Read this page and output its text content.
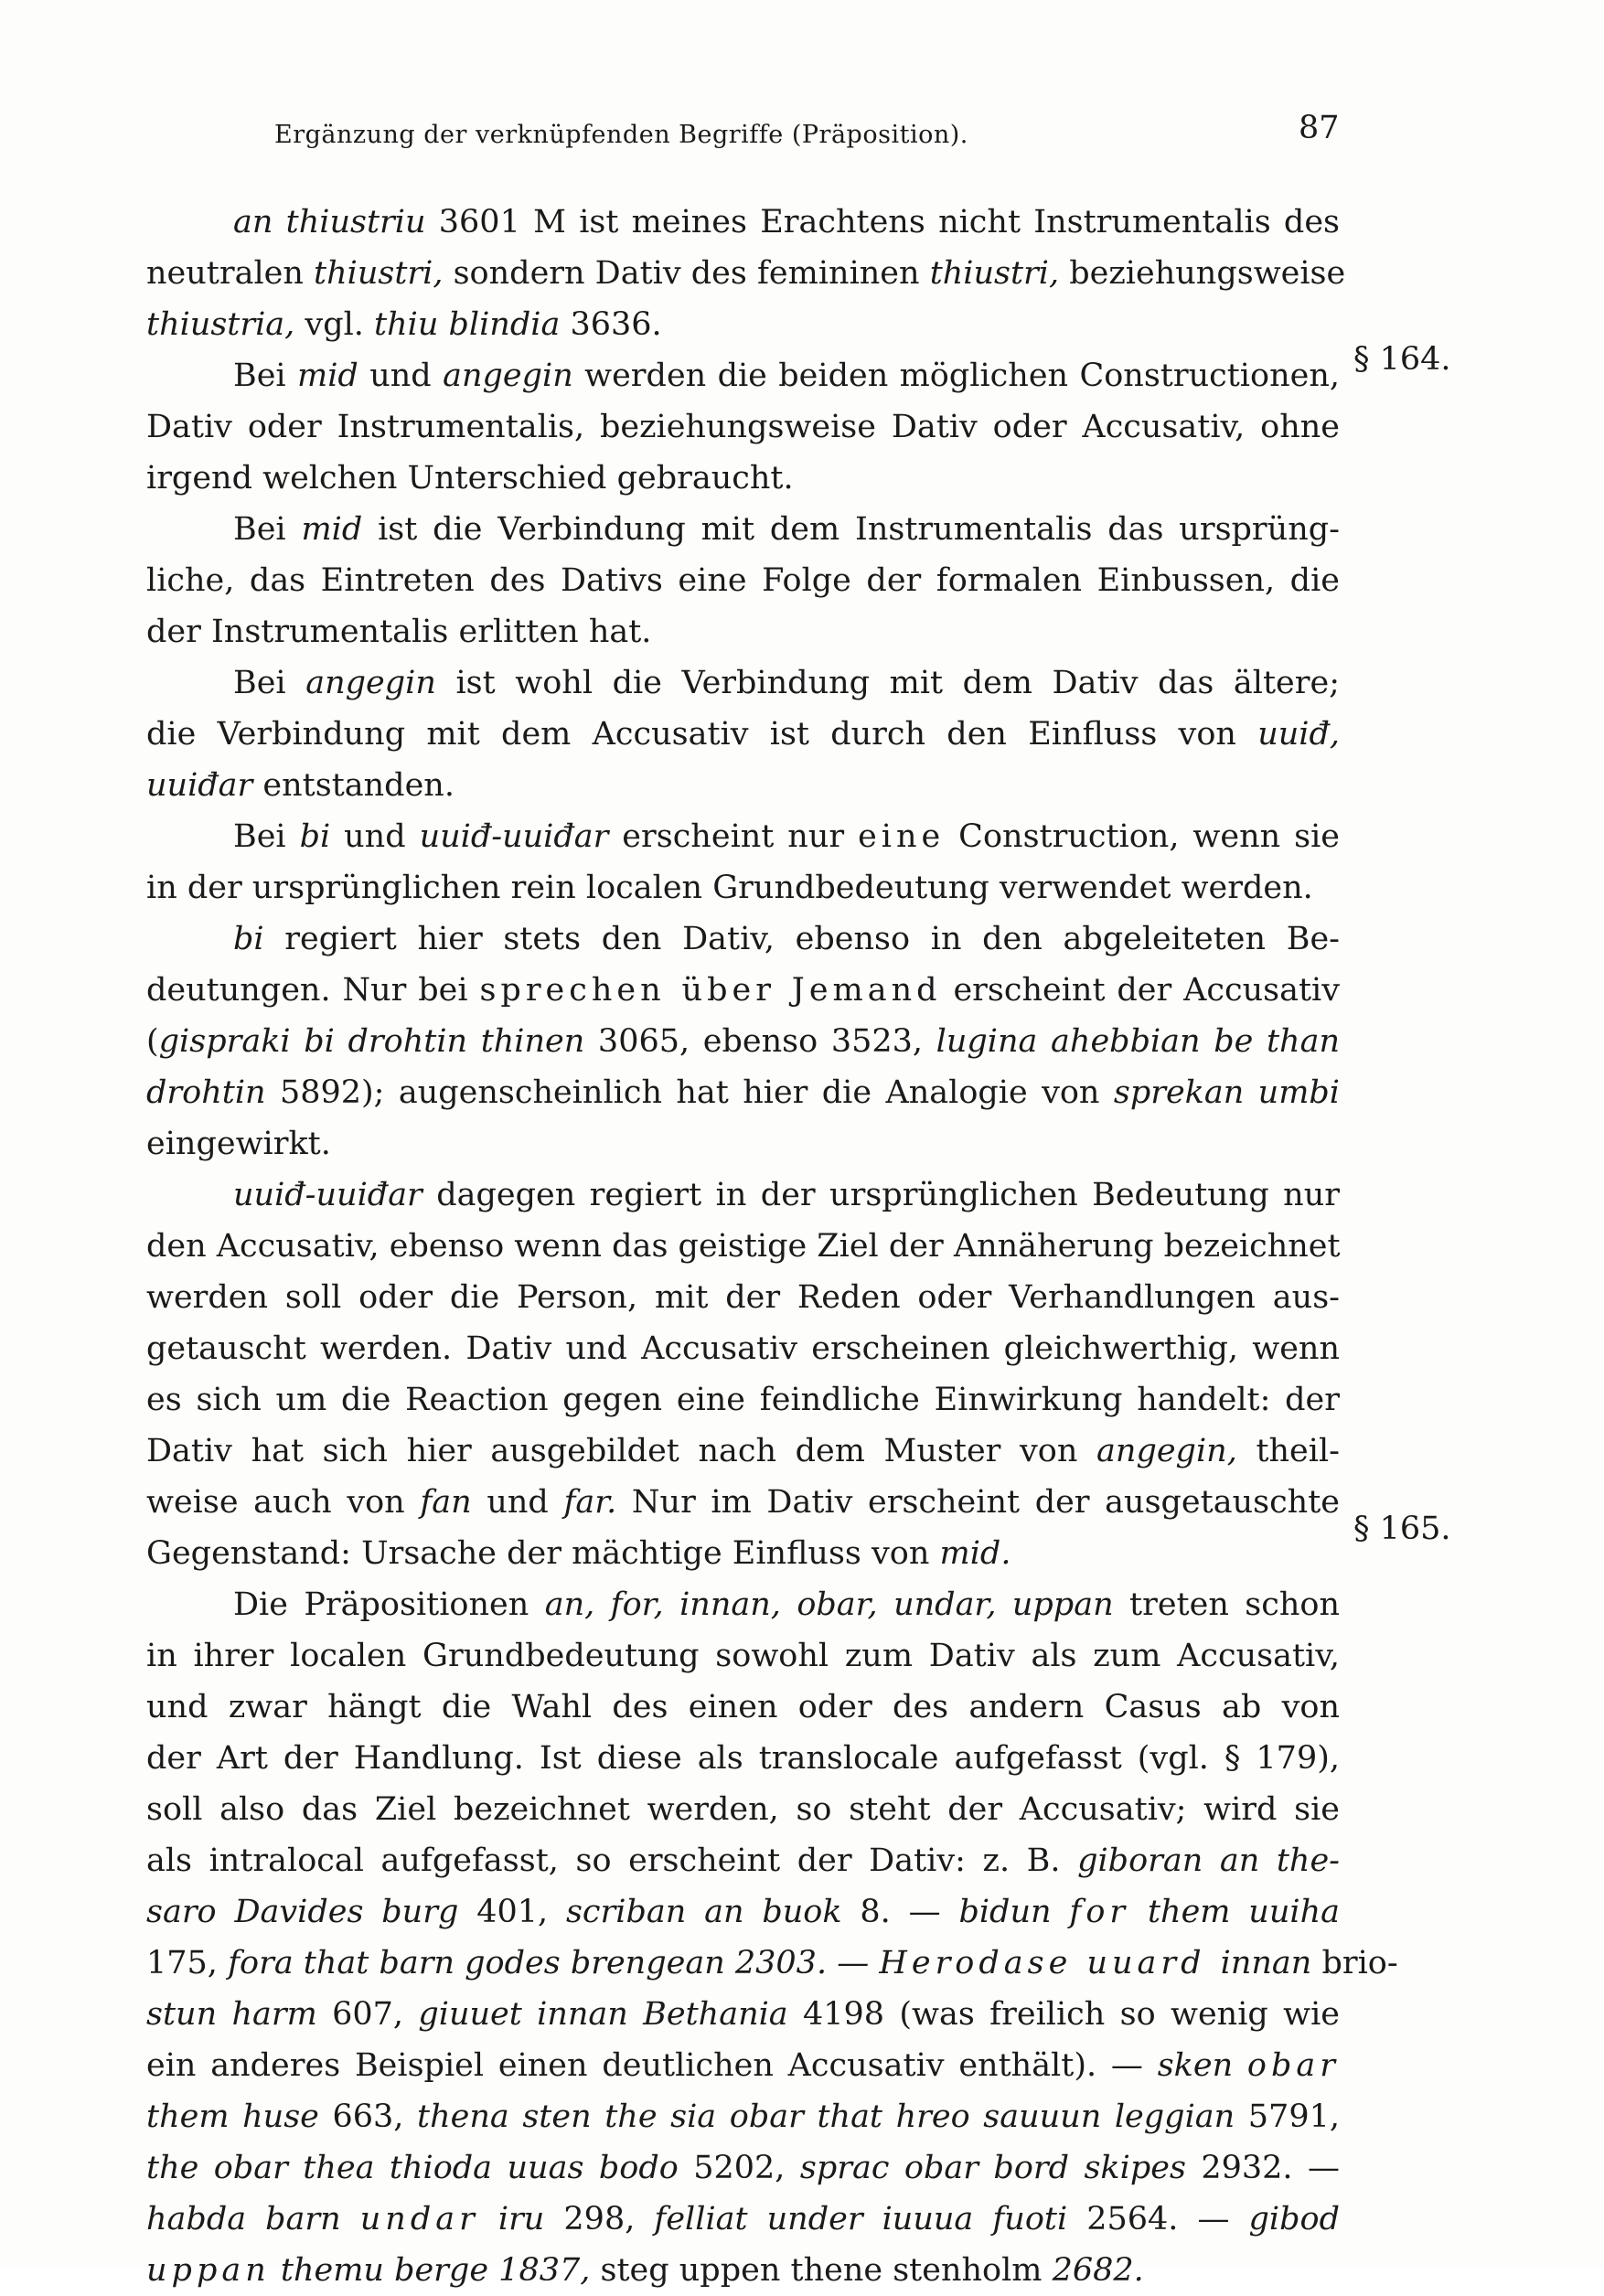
Ergänzung der verknüpfenden Begriffe (Präposition).	87
§ 164.
§ 165.
an thiustriu 3601 M ist meines Erachtens nicht Instrumentalis des
neutralen thiustri, sondern Dativ des femininen thiustri, beziehungsweise
thiustria, vgl. thiu blindia 3636.
Bei mid und angegin werden die beiden möglichen Constructionen,
Dativ oder Instrumentalis, beziehungsweise Dativ oder Accusativ, ohne
irgend welchen Unterschied gebraucht.
Bei mid ist die Verbindung mit dem Instrumentalis das ursprüng-
liche, das Eintreten des Dativs eine Folge der formalen Einbussen, die
der Instrumentalis erlitten hat.
Bei angegin ist wohl die Verbindung mit dem Dativ das ältere;
die Verbindung mit dem Accusativ ist durch den Einfluss von uuiđ,
uuiđar entstanden.
Bei bi und uuiđ-uuiđar erscheint nur eine Construction, wenn sie
in der ursprünglichen rein localen Grundbedeutung verwendet werden.
bi regiert hier stets den Dativ, ebenso in den abgeleiteten Be-
deutungen. Nur bei sprechen über Jemand erscheint der Accusativ
(gispraki bi drohtin thinen 3065, ebenso 3523, lugina ahebbian be than
drohtin 5892); augenscheinlich hat hier die Analogie von sprekan umbi
eingewirkt.
uuiđ-uuiđar dagegen regiert in der ursprünglichen Bedeutung nur
den Accusativ, ebenso wenn das geistige Ziel der Annäherung bezeichnet
werden soll oder die Person, mit der Reden oder Verhandlungen aus-
getauscht werden. Dativ und Accusativ erscheinen gleichwerthig, wenn
es sich um die Reaction gegen eine feindliche Einwirkung handelt: der
Dativ hat sich hier ausgebildet nach dem Muster von angegin, theil-
weise auch von fan und far. Nur im Dativ erscheint der ausgetauschte
Gegenstand: Ursache der mächtige Einfluss von mid.
Die Präpositionen an, for, innan, obar, undar, uppan treten schon
in ihrer localen Grundbedeutung sowohl zum Dativ als zum Accusativ,
und zwar hängt die Wahl des einen oder des andern Casus ab von
der Art der Handlung. Ist diese als translocale aufgefasst (vgl. § 179),
soll also das Ziel bezeichnet werden, so steht der Accusativ; wird sie
als intralocal aufgefasst, so erscheint der Dativ: z. B. giboran an the-
saro Davides burg 401, scriban an buok 8. — bidun for them uuiha
175, fora that barn godes brengean 2303. — Herodase uuard innan brio-
stun harm 607, giuuet innan Bethania 4198 (was freilich so wenig wie
ein anderes Beispiel einen deutlichen Accusativ enthält). — sken obar
them huse 663, thena sten the sia obar that hreo sauuun leggian 5791,
the obar thea thioda uuas bodo 5202, sprac obar bord skipes 2932. —
habda barn undar iru 298, felliat under iuuua fuoti 2564. — gibod
uppan themu berge 1837, steg uppen thene stenholm 2682.
